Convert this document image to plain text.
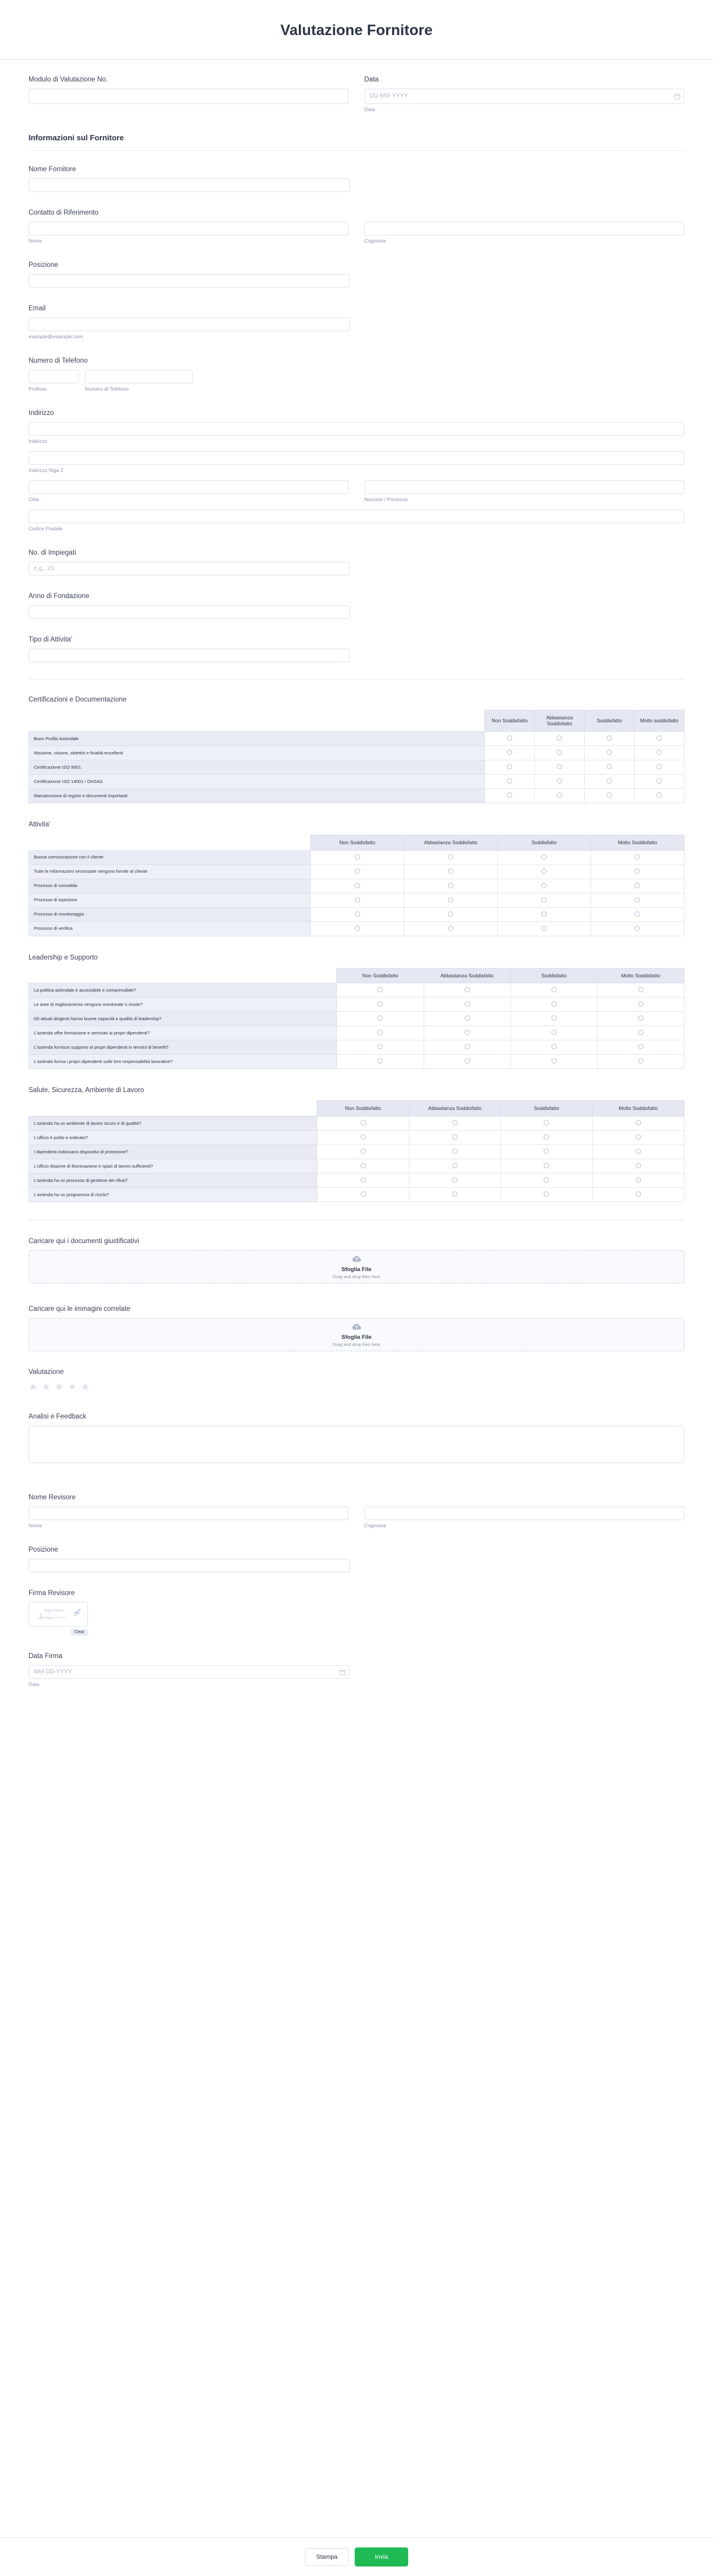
Valutazione Fornitore
Modulo di Valutazione No.	Data
DD-MM-YYYY
Data
Informazioni sul Fornitore
Nome Fornitore
Contatto di Riferimento
Nome	Cognome
Posizione
Email
example@example.com
Numero di Telefono
Prefisso	Numero di Telefono
Indirizzo
Indirizzo
Indirizzo Riga 2
Città	Nazione / Provincia
Codice Postale
No. di Impiegati
e.g., 23
Anno di Fondazione
Tipo di Attivita'
Certificazioni e Documentazione
	Non Soddisfatto	Abbastanza Soddisfatto	Soddisfatto	Molto soddisfatto
Buon Profilo Aziendale				
Missione, visione, obiettivi e finalità eccellenti				
Certificazione ISO 9001				
Certificazione ISO 14001 / OHSAS				
Manutenzione di registri e documenti importanti				
Attivita'
	Non Soddisfatto	Abbastanza Soddisfatto	Soddisfatto	Molto Soddisfatto
Buona comunicazione con il cliente				
Tutte le informazioni necessarie vengono fornite al cliente				
Processo di convalida				
Processo di ispezione				
Processo di monitoraggio				
Processo di verifica				
Leadership e Supporto
	Non Soddisfatto	Abbastanza Soddisfatto	Soddisfatto	Molto Soddisfatto
La politica aziendale è accessibile e comprensibile?				
Le aree di miglioramento vengono monitorate o riviste?				
Gli attuali dirigenti hanno buone capacità e qualità di leadership?				
L'azienda offre formazione e seminari ai propri dipendenti?				
L'azienda fornisce supporto ai propri dipendenti in termini di benefit?				
L'azienda forma i propri dipendenti sulle loro responsabilità lavorative?				
Salute, Sicurezza, Ambiente di Lavoro
	Non Soddisfatto	Abbastanza Soddisfatto	Soddisfatto	Molto Soddisfatto
L'azienda ha un ambiente di lavoro sicuro e di qualità?				
L'ufficio è pulito e ordinato?				
I dipendenti indossano dispositivi di protezione?				
L'ufficio dispone di illuminazione e spazi di lavoro sufficienti?				
L'azienda ha un processo di gestione dei rifiuti?				
L'azienda ha un programma di riciclo?				
Caricare qui i documenti giustificativi
Sfoglia File
Drag and drop files here
Caricare qui le immagini correlate
Sfoglia File
Drag and drop files here
Valutazione
Analisi e Feedback
Nome Revisore
Nome	Cognome
Posizione
Firma Revisore
Sign Here
Clear
Data Firma
MM-DD-YYYY
Data
Stampa	Invia
